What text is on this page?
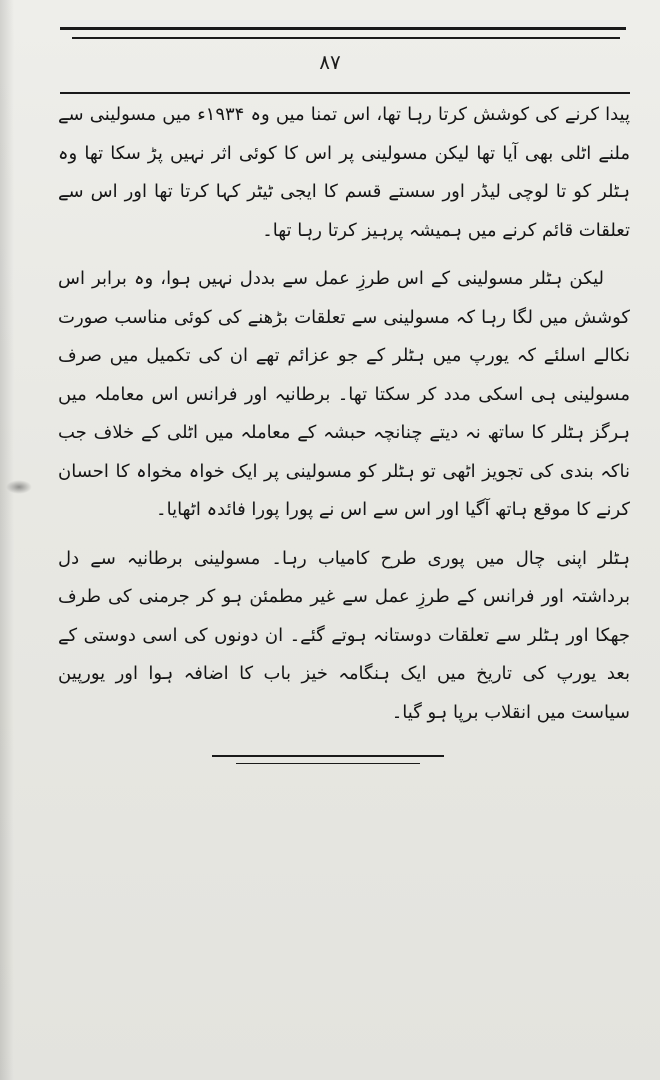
۸۷

پیدا کرنے کی کوشش کرتا رہا تھا، اس تمنا میں وہ ۱۹۳۴ء میں مسولینی سے ملنے اٹلی بھی آیا تھا لیکن مسولینی پر اس کا کوئی اثر نہیں پڑ سکا تھا وہ ہٹلر کو تا لوچی لیڈر اور سستے قسم کا ایجی ٹیٹر کہا کرتا تھا اور اس سے تعلقات قائم کرنے میں ہمیشہ پرہیز کرتا رہا تھا۔

لیکن ہٹلر مسولینی کے اس طرزِ عمل سے بددل نہیں ہوا، وہ برابر اس کوشش میں لگا رہا کہ مسولینی سے تعلقات بڑھنے کی کوئی مناسب صورت نکالے اسلئے کہ یورپ میں ہٹلر کے جو عزائم تھے ان کی تکمیل میں صرف مسولینی ہی اسکی مدد کر سکتا تھا۔ برطانیہ اور فرانس اس معاملہ میں ہرگز ہٹلر کا ساتھ نہ دیتے چنانچہ حبشہ کے معاملہ میں اٹلی کے خلاف جب ناکہ بندی کی تجویز اٹھی تو ہٹلر کو مسولینی پر ایک خواہ مخواہ کا احسان کرنے کا موقع ہاتھ آگیا اور اس سے اس نے پورا پورا فائدہ اٹھایا۔

ہٹلر اپنی چال میں پوری طرح کامیاب رہا۔ مسولینی برطانیہ سے دل برداشتہ اور فرانس کے طرزِ عمل سے غیر مطمئن ہو کر جرمنی کی طرف جھکا اور ہٹلر سے تعلقات دوستانہ ہوتے گئے۔ ان دونوں کی اسی دوستی کے بعد یورپ کی تاریخ میں ایک ہنگامہ خیز باب کا اضافہ ہوا اور یورپین سیاست میں انقلاب برپا ہو گیا۔
